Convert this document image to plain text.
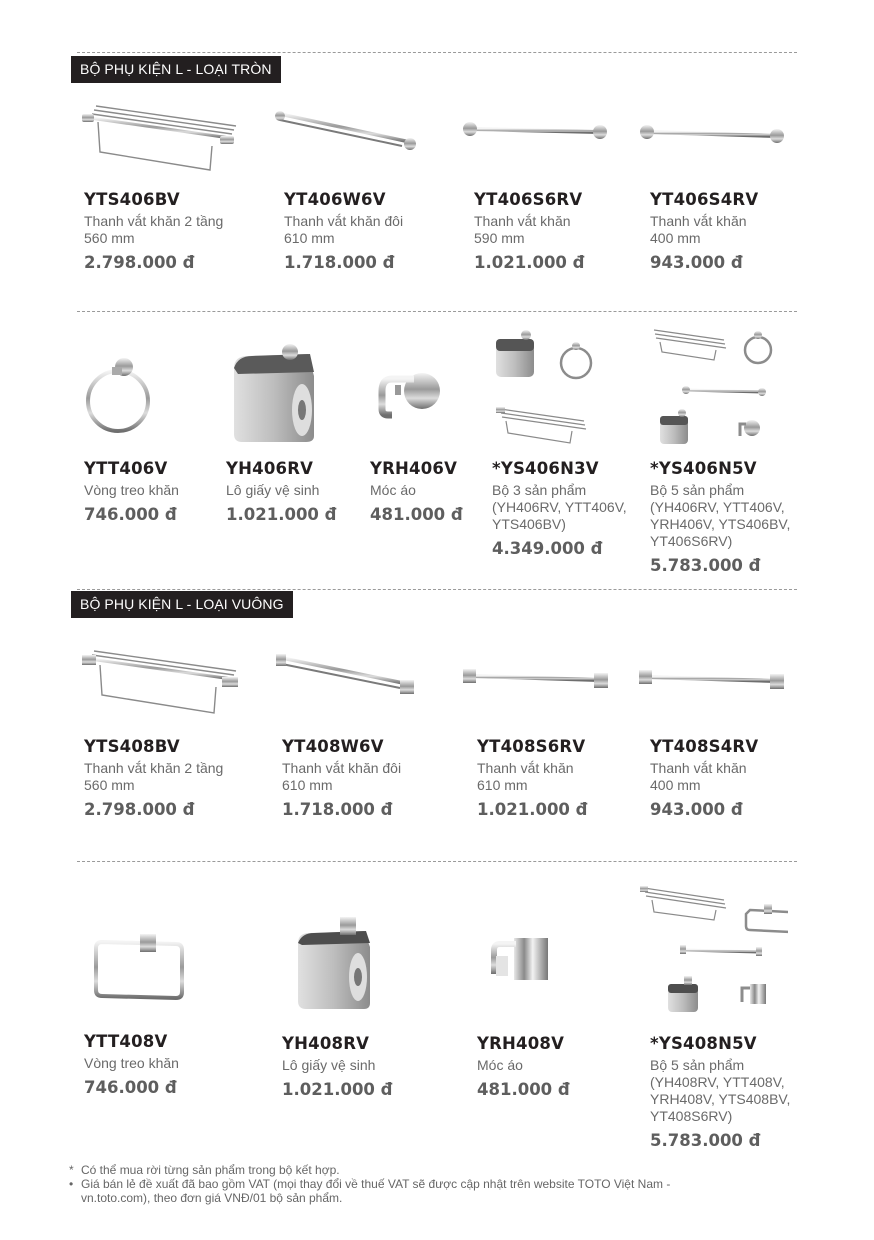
BỘ PHỤ KIỆN L - LOẠI TRÒN
BỘ PHỤ KIỆN L - LOẠI VUÔNG
YTS406BV
Thanh vắt khăn 2 tầng
560 mm
2.798.000 đ
YT406W6V
Thanh vắt khăn đôi
610 mm
1.718.000 đ
YT406S6RV
Thanh vắt khăn
590 mm
1.021.000 đ
YT406S4RV
Thanh vắt khăn
400 mm
943.000 đ
YTT406V
Vòng treo khăn
746.000 đ
YH406RV
Lô giấy vệ sinh
1.021.000 đ
YRH406V
Móc áo
481.000 đ
*YS406N3V
Bộ 3 sản phẩm
(YH406RV, YTT406V,
YTS406BV)
4.349.000 đ
*YS406N5V
Bộ 5 sản phẩm
(YH406RV, YTT406V,
YRH406V, YTS406BV,
YT406S6RV)
5.783.000 đ
YTS408BV
Thanh vắt khăn 2 tầng
560 mm
2.798.000 đ
YT408W6V
Thanh vắt khăn đôi
610 mm
1.718.000 đ
YT408S6RV
Thanh vắt khăn
610 mm
1.021.000 đ
YT408S4RV
Thanh vắt khăn
400 mm
943.000 đ
YTT408V
Vòng treo khăn
746.000 đ
YH408RV
Lô giấy vệ sinh
1.021.000 đ
YRH408V
Móc áo
481.000 đ
*YS408N5V
Bộ 5 sản phẩm
(YH408RV, YTT408V,
YRH408V, YTS408BV,
YT408S6RV)
5.783.000 đ
* Có thể mua rời từng sản phẩm trong bộ kết hợp.
• Giá bán lẻ đề xuất đã bao gồm VAT (mọi thay đổi về thuế VAT sẽ được cập nhật trên website TOTO Việt Nam -
vn.toto.com), theo đơn giá VNĐ/01 bộ sản phẩm.
